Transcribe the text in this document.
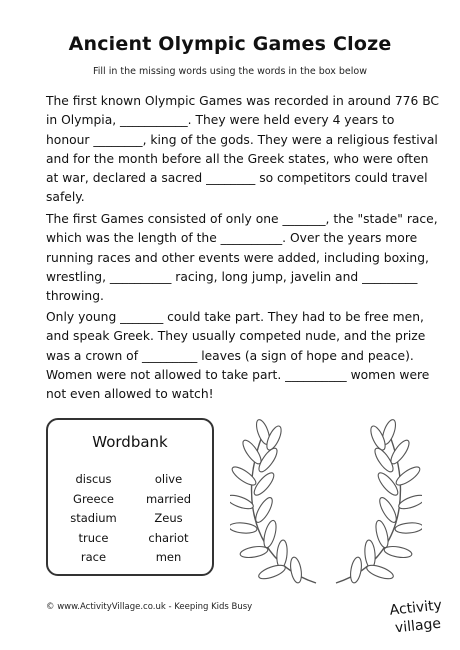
Ancient Olympic Games Cloze
Fill in the missing words using the words in the box below

The first known Olympic Games was recorded in around 776 BC in Olympia, ___________. They were held every 4 years to honour ________, king of the gods. They were a religious festival and for the month before all the Greek states, who were often at war, declared a sacred ________ so competitors could travel safely.

The first Games consisted of only one _______, the "stade" race, which was the length of the __________. Over the years more running races and other events were added, including boxing, wrestling, __________ racing, long jump, javelin and _________ throwing.

Only young _______ could take part. They had to be free men, and speak Greek. They usually competed nude, and the prize was a crown of _________ leaves (a sign of hope and peace). Women were not allowed to take part. __________ women were not even allowed to watch!

Wordbank
discus	olive
Greece	married
stadium	Zeus
truce	chariot
race	men
© www.ActivityVillage.co.uk - Keeping Kids Busy	Activity
village
